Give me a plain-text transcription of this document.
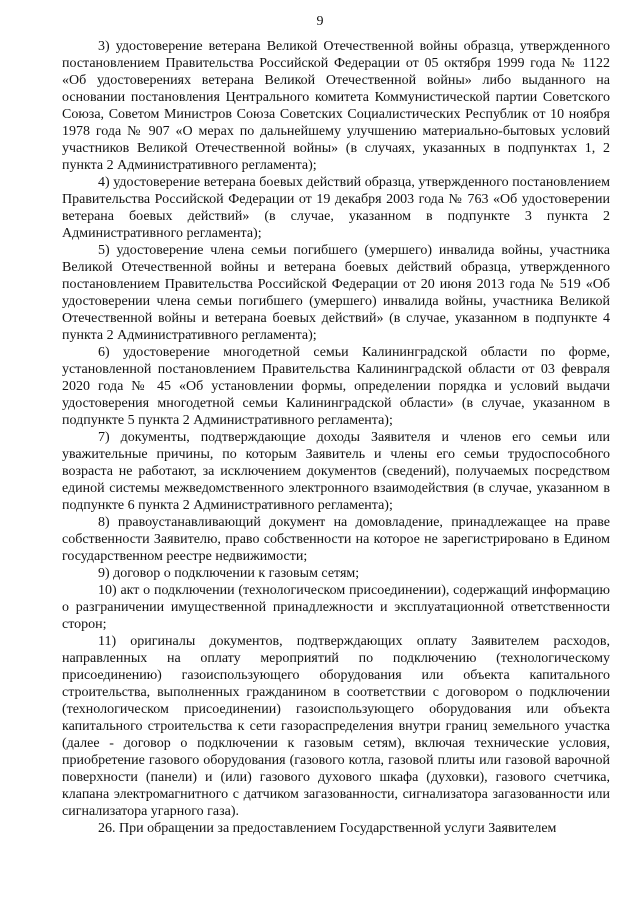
9

3) удостоверение ветерана Великой Отечественной войны образца, утвержденного постановлением Правительства Российской Федерации от 05 октября 1999 года № 1122 «Об удостоверениях ветерана Великой Отечественной войны» либо выданного на основании постановления Центрального комитета Коммунистической партии Советского Союза, Советом Министров Союза Советских Социалистических Республик от 10 ноября 1978 года № 907 «О мерах по дальнейшему улучшению материально-бытовых условий участников Великой Отечественной войны» (в случаях, указанных в подпунктах 1, 2 пункта 2 Административного регламента);

4) удостоверение ветерана боевых действий образца, утвержденного постановлением Правительства Российской Федерации от 19 декабря 2003 года № 763 «Об удостоверении ветерана боевых действий» (в случае, указанном в подпункте 3 пункта 2 Административного регламента);

5) удостоверение члена семьи погибшего (умершего) инвалида войны, участника Великой Отечественной войны и ветерана боевых действий образца, утвержденного постановлением Правительства Российской Федерации от 20 июня 2013 года № 519 «Об удостоверении члена семьи погибшего (умершего) инвалида войны, участника Великой Отечественной войны и ветерана боевых действий» (в случае, указанном в подпункте 4 пункта 2 Административного регламента);

6) удостоверение многодетной семьи Калининградской области по форме, установленной постановлением Правительства Калининградской области от 03 февраля 2020 года № 45 «Об установлении формы, определении порядка и условий выдачи удостоверения многодетной семьи Калининградской области» (в случае, указанном в подпункте 5 пункта 2 Административного регламента);

7) документы, подтверждающие доходы Заявителя и членов его семьи или уважительные причины, по которым Заявитель и члены его семьи трудоспособного возраста не работают, за исключением документов (сведений), получаемых посредством единой системы межведомственного электронного взаимодействия (в случае, указанном в подпункте 6 пункта 2 Административного регламента);

8) правоустанавливающий документ на домовладение, принадлежащее на праве собственности Заявителю, право собственности на которое не зарегистрировано в Едином государственном реестре недвижимости;

9) договор о подключении к газовым сетям;

10) акт о подключении (технологическом присоединении), содержащий информацию о разграничении имущественной принадлежности и эксплуатационной ответственности сторон;

11) оригиналы документов, подтверждающих оплату Заявителем расходов, направленных на оплату мероприятий по подключению (технологическому присоединению) газоиспользующего оборудования или объекта капитального строительства, выполненных гражданином в соответствии с договором о подключении (технологическом присоединении) газоиспользующего оборудования или объекта капитального строительства к сети газораспределения внутри границ земельного участка (далее - договор о подключении к газовым сетям), включая технические условия, приобретение газового оборудования (газового котла, газовой плиты или газовой варочной поверхности (панели) и (или) газового духового шкафа (духовки), газового счетчика, клапана электромагнитного с датчиком загазованности, сигнализатора загазованности или сигнализатора угарного газа).

26. При обращении за предоставлением Государственной услуги Заявителем
